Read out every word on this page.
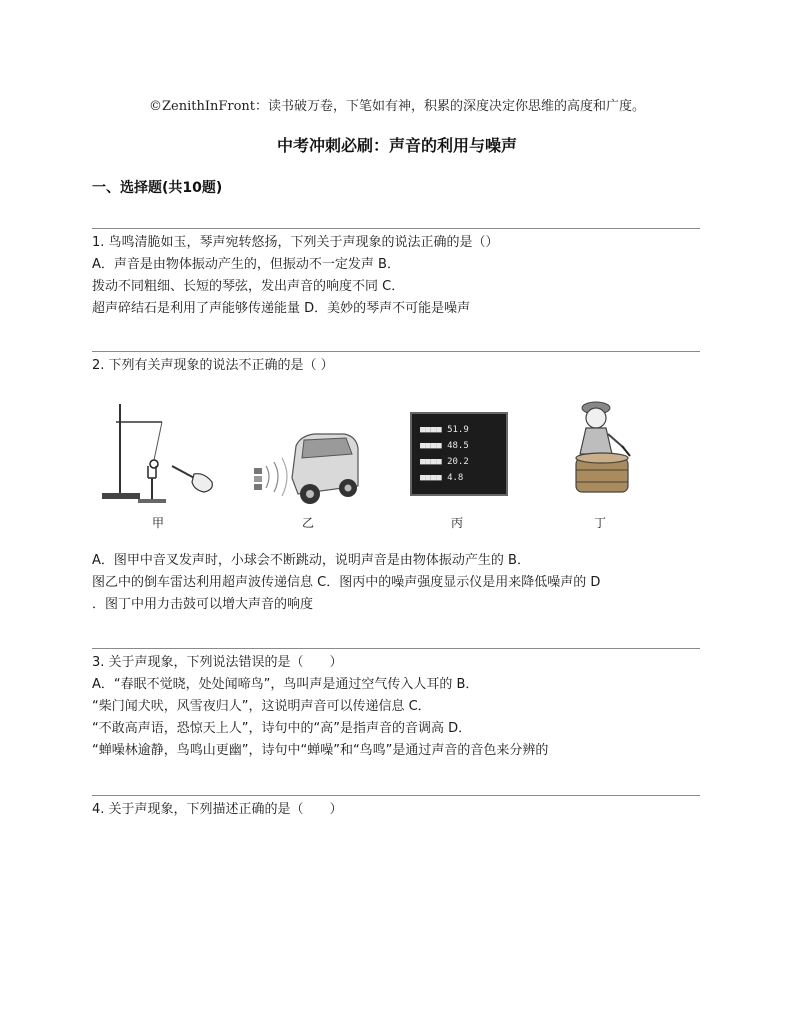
©ZenithInFront：读书破万卷，下笔如有神，积累的深度决定你思维的高度和广度。
中考冲刺必刷：声音的利用与噪声
一、选择题(共10题)
1. 鸟鸣清脆如玉，琴声宛转悠扬，下列关于声现象的说法正确的是（）
A．声音是由物体振动产生的，但振动不一定发声 B．
拨动不同粗细、长短的琴弦，发出声音的响度不同 C．
超声碎结石是利用了声能够传递能量 D．美妙的琴声不可能是噪声
2. 下列有关声现象的说法不正确的是（ ）
甲	乙
■■■■ 51.9
■■■■ 48.5
■■■■ 20.2
■■■■ 4.8
丙	丁
A．图甲中音叉发声时，小球会不断跳动，说明声音是由物体振动产生的 B．
图乙中的倒车雷达利用超声波传递信息 C．图丙中的噪声强度显示仪是用来降低噪声的 D
．图丁中用力击鼓可以增大声音的响度
3. 关于声现象，下列说法错误的是（　　）
A．“春眠不觉晓，处处闻啼鸟”，鸟叫声是通过空气传入人耳的 B．
“柴门闻犬吠，风雪夜归人”，这说明声音可以传递信息 C．
“不敢高声语，恐惊天上人”，诗句中的“高”是指声音的音调高 D．
“蝉噪林逾静，鸟鸣山更幽”，诗句中“蝉噪”和“鸟鸣”是通过声音的音色来分辨的
4. 关于声现象，下列描述正确的是（　　）
